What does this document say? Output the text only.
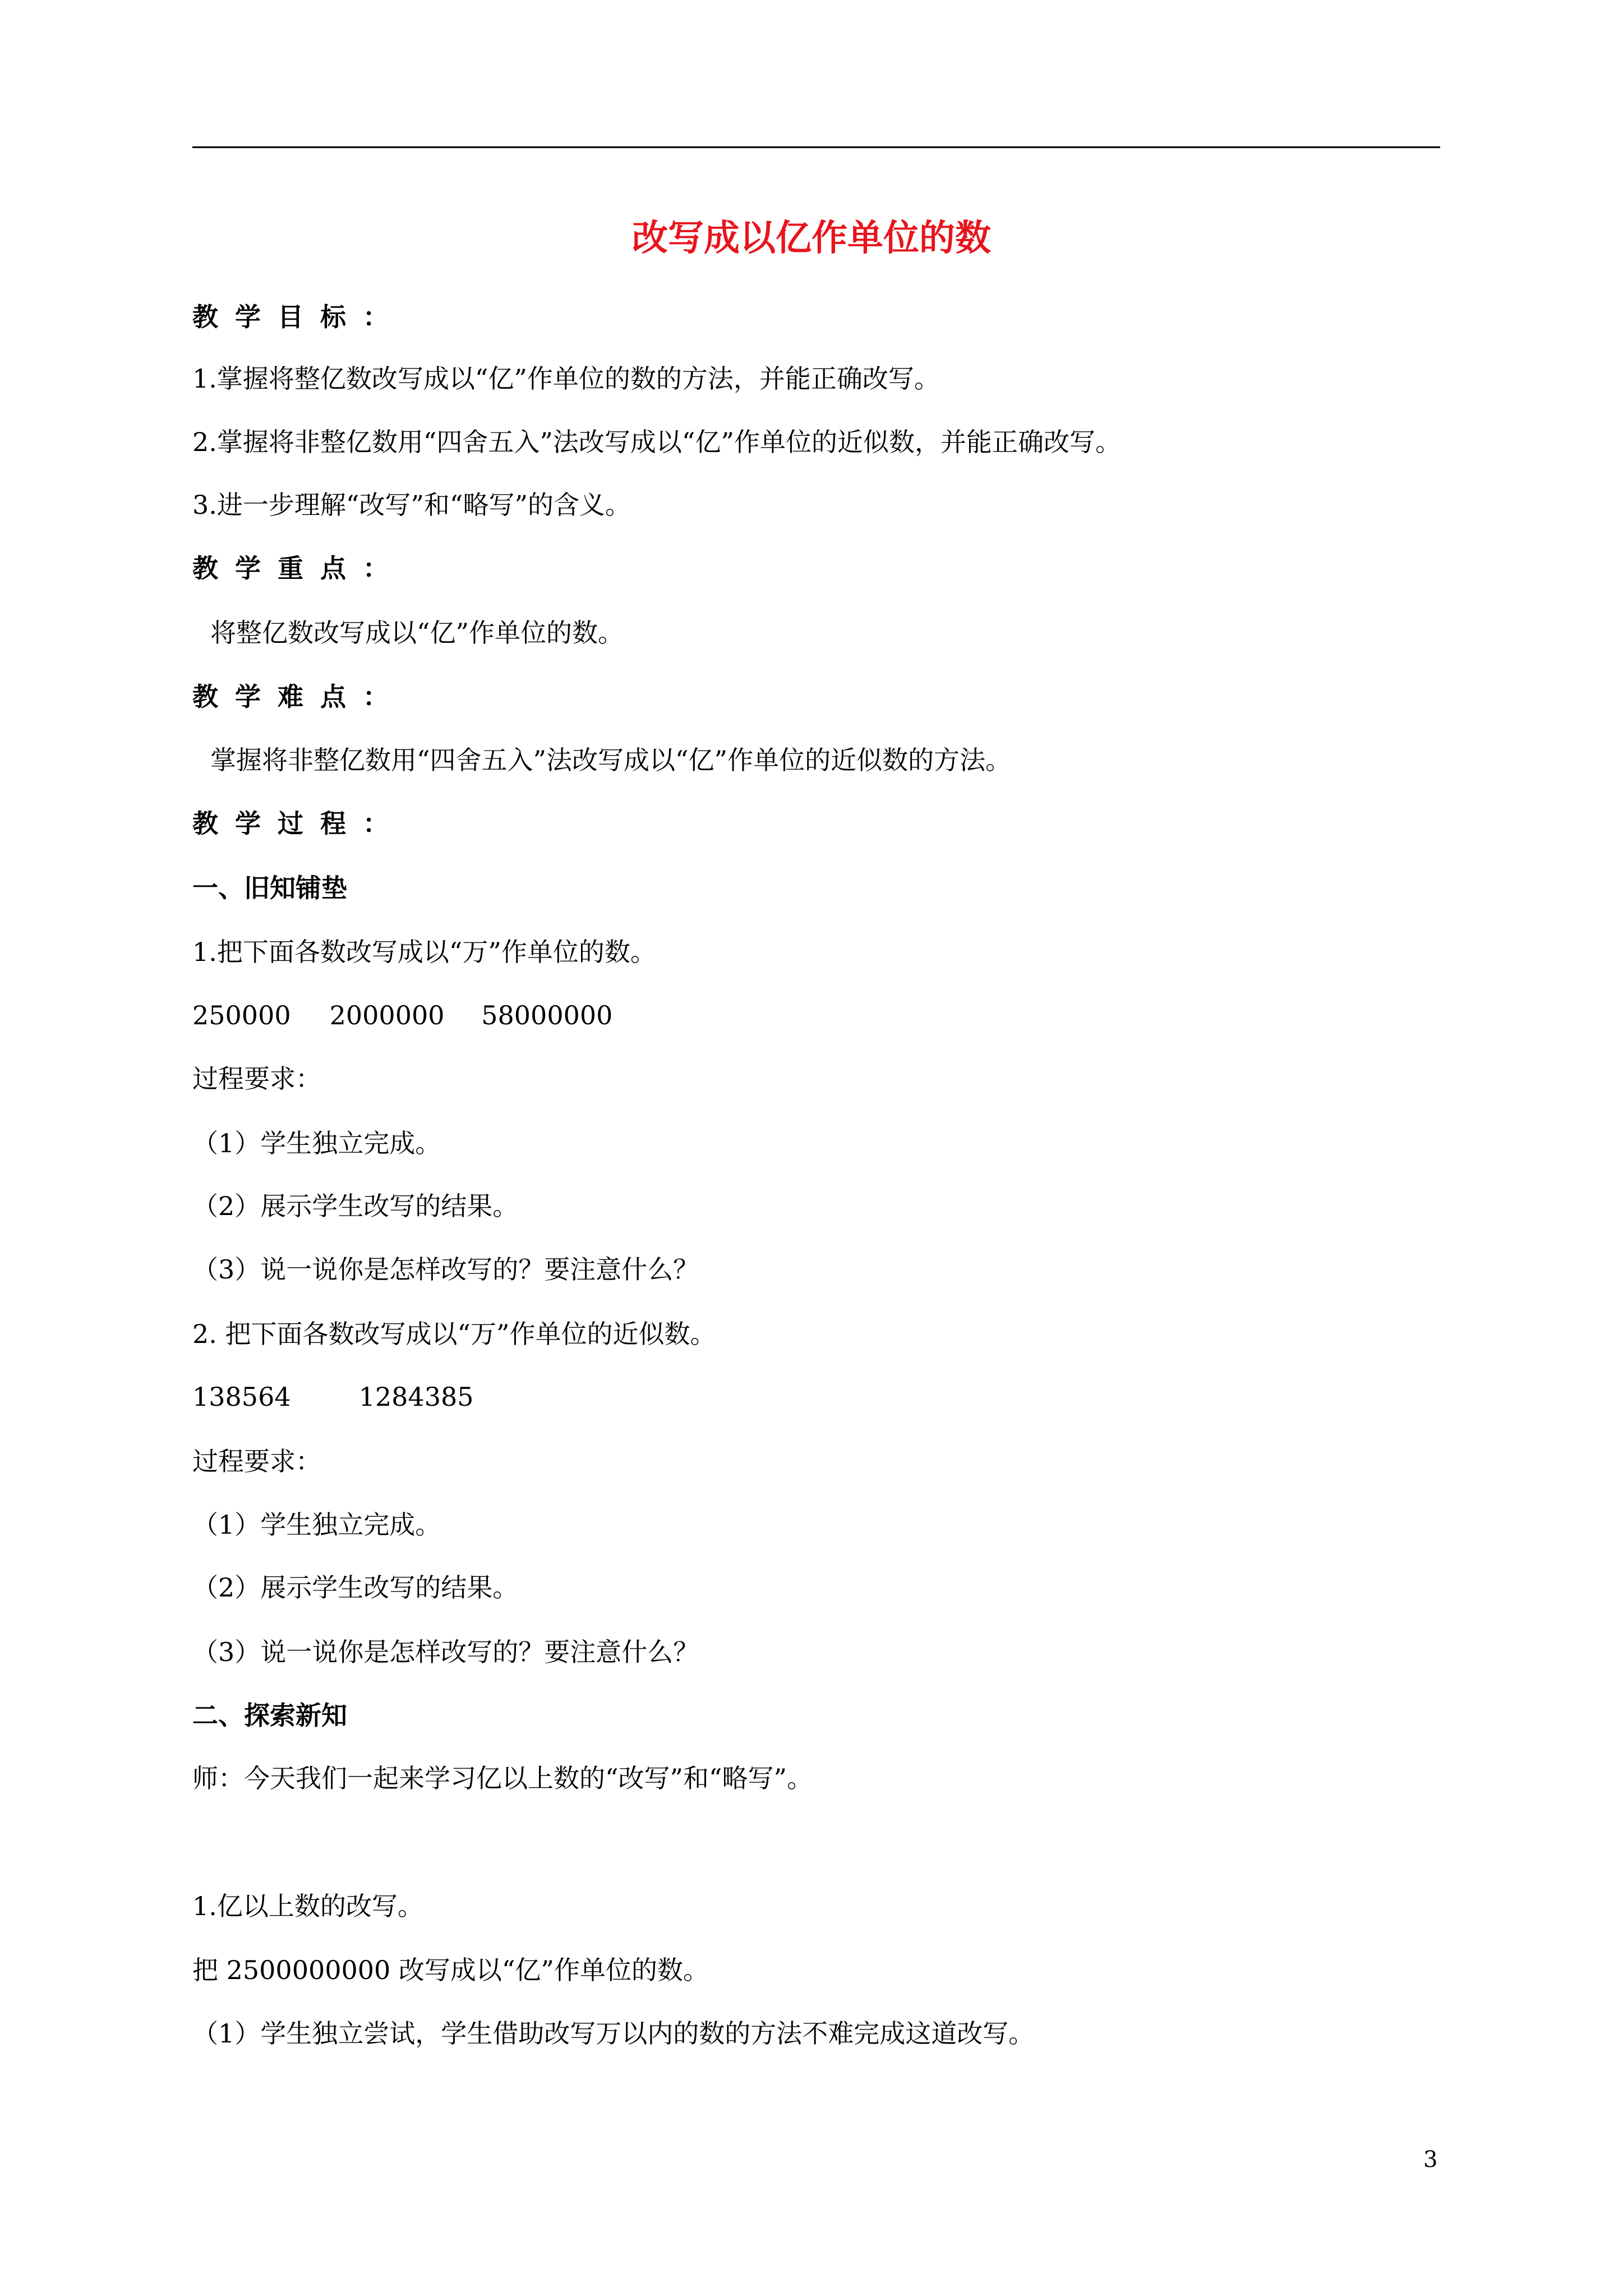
改写成以亿作单位的数
教学目标：
1.掌握将整亿数改写成以“亿”作单位的数的方法，并能正确改写。
2.掌握将非整亿数用“四舍五入”法改写成以“亿”作单位的近似数，并能正确改写。
3.进一步理解“改写”和“略写”的含义。
教学重点：
将整亿数改写成以“亿”作单位的数。
教学难点：
掌握将非整亿数用“四舍五入”法改写成以“亿”作单位的近似数的方法。
教学过程：
一、旧知铺垫
1.把下面各数改写成以“万”作单位的数。
250000 2000000 58000000
过程要求：
（1）学生独立完成。
（2）展示学生改写的结果。
（3）说一说你是怎样改写的？要注意什么？
2. 把下面各数改写成以“万”作单位的近似数。
138564	1284385
过程要求：
（1）学生独立完成。
（2）展示学生改写的结果。
（3）说一说你是怎样改写的？要注意什么？
二、探索新知
师：今天我们一起来学习亿以上数的“改写”和“略写”。
1.亿以上数的改写。
把 2500000000 改写成以“亿”作单位的数。
（1）学生独立尝试，学生借助改写万以内的数的方法不难完成这道改写。
3
